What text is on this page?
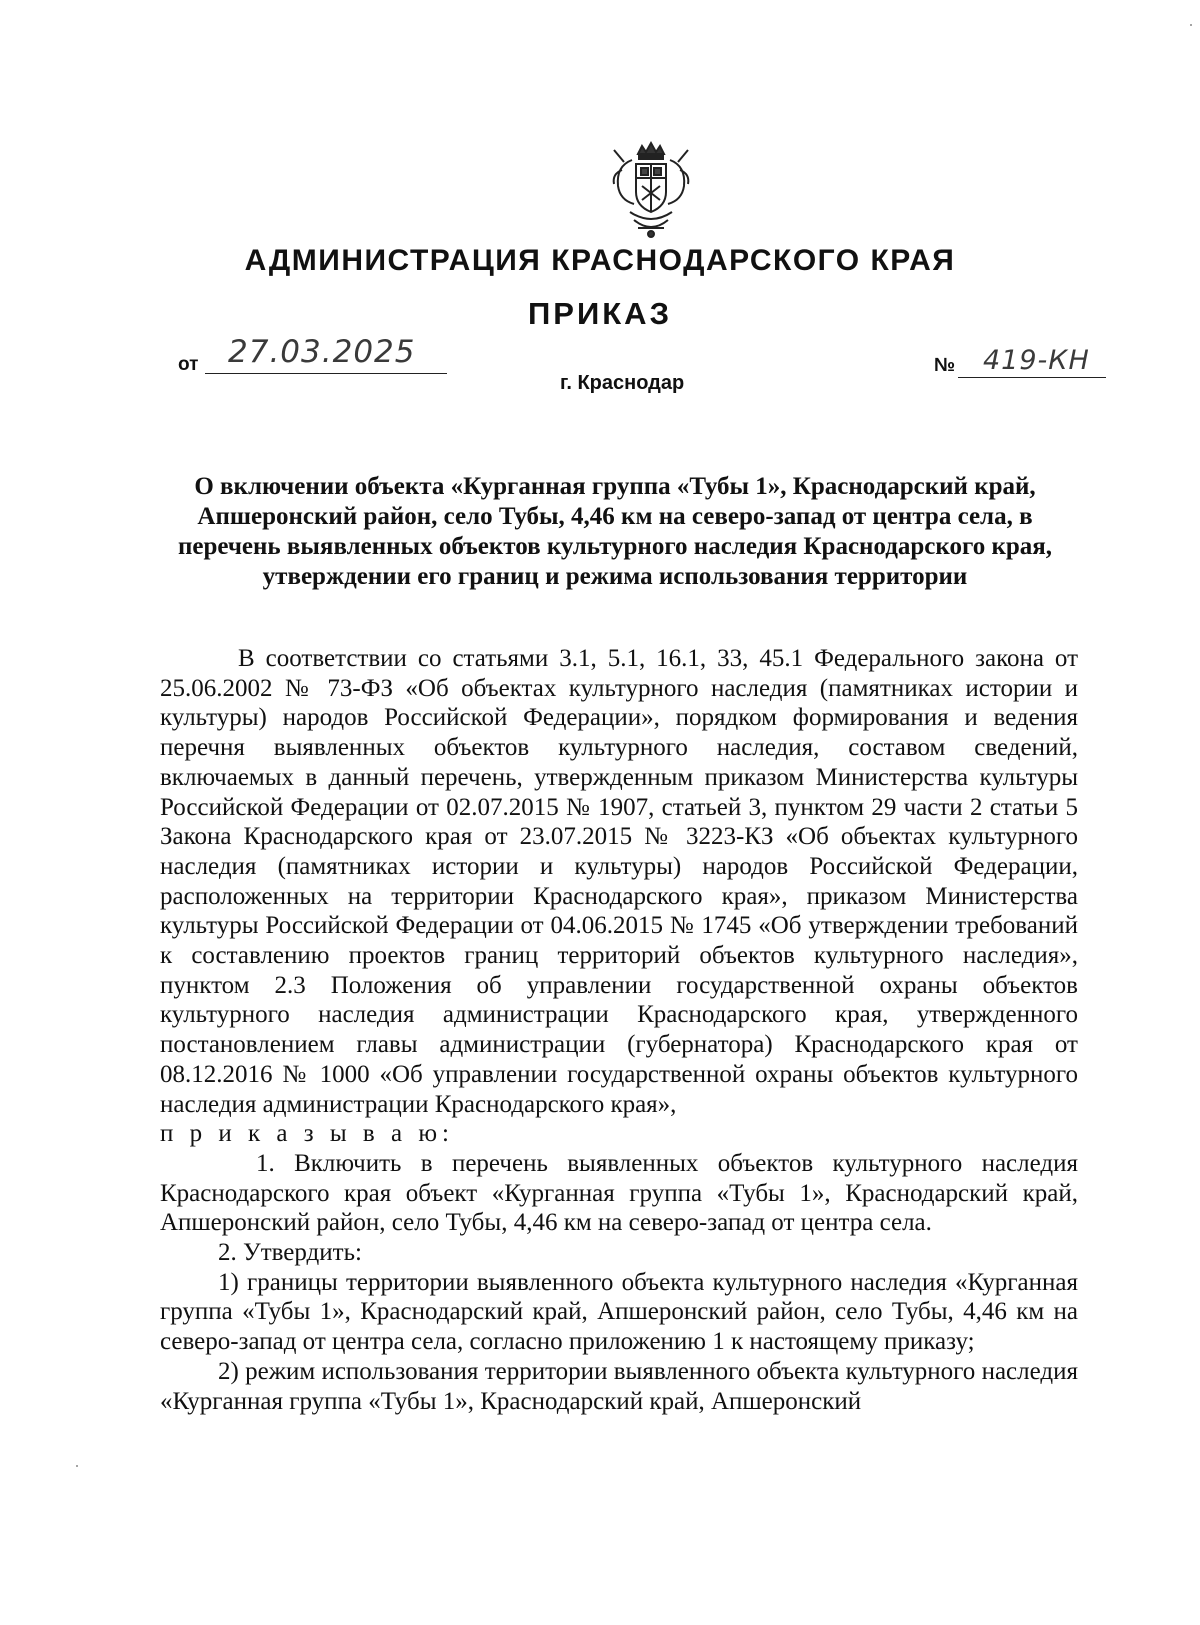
АДМИНИСТРАЦИЯ КРАСНОДАРСКОГО КРАЯ
ПРИКАЗ
от 27.03.2025	№ 419-КН
г. Краснодар
О включении объекта «Курганная группа «Тубы 1», Краснодарский край, Апшеронский район, село Тубы, 4,46 км на северо-запад от центра села, в перечень выявленных объектов культурного наследия Краснодарского края, утверждении его границ и режима использования территории

В соответствии со статьями 3.1, 5.1, 16.1, 33, 45.1 Федерального закона от 25.06.2002 № 73-ФЗ «Об объектах культурного наследия (памятниках истории и культуры) народов Российской Федерации», порядком формирования и ведения перечня выявленных объектов культурного наследия, составом сведений, включаемых в данный перечень, утвержденным приказом Министерства культуры Российской Федерации от 02.07.2015 № 1907, статьей 3, пунктом 29 части 2 статьи 5 Закона Краснодарского края от 23.07.2015 № 3223-КЗ «Об объектах культурного наследия (памятниках истории и культуры) народов Российской Федерации, расположенных на территории Краснодарского края», приказом Министерства культуры Российской Федерации от 04.06.2015 № 1745 «Об утверждении требований к составлению проектов границ территорий объектов культурного наследия», пунктом 2.3 Положения об управлении государственной охраны объектов культурного наследия администрации Краснодарского края, утвержденного постановлением главы администрации (губернатора) Краснодарского края от 08.12.2016 № 1000 «Об управлении государственной охраны объектов культурного наследия администрации Краснодарского края»,

п р и к а з ы в а ю:

1. Включить в перечень выявленных объектов культурного наследия Краснодарского края объект «Курганная группа «Тубы 1», Краснодарский край, Апшеронский район, село Тубы, 4,46 км на северо-запад от центра села.

2. Утвердить:

1) границы территории выявленного объекта культурного наследия «Курганная группа «Тубы 1», Краснодарский край, Апшеронский район, село Тубы, 4,46 км на северо-запад от центра села, согласно приложению 1 к настоящему приказу;

2) режим использования территории выявленного объекта культурного наследия «Курганная группа «Тубы 1», Краснодарский край, Апшеронский
